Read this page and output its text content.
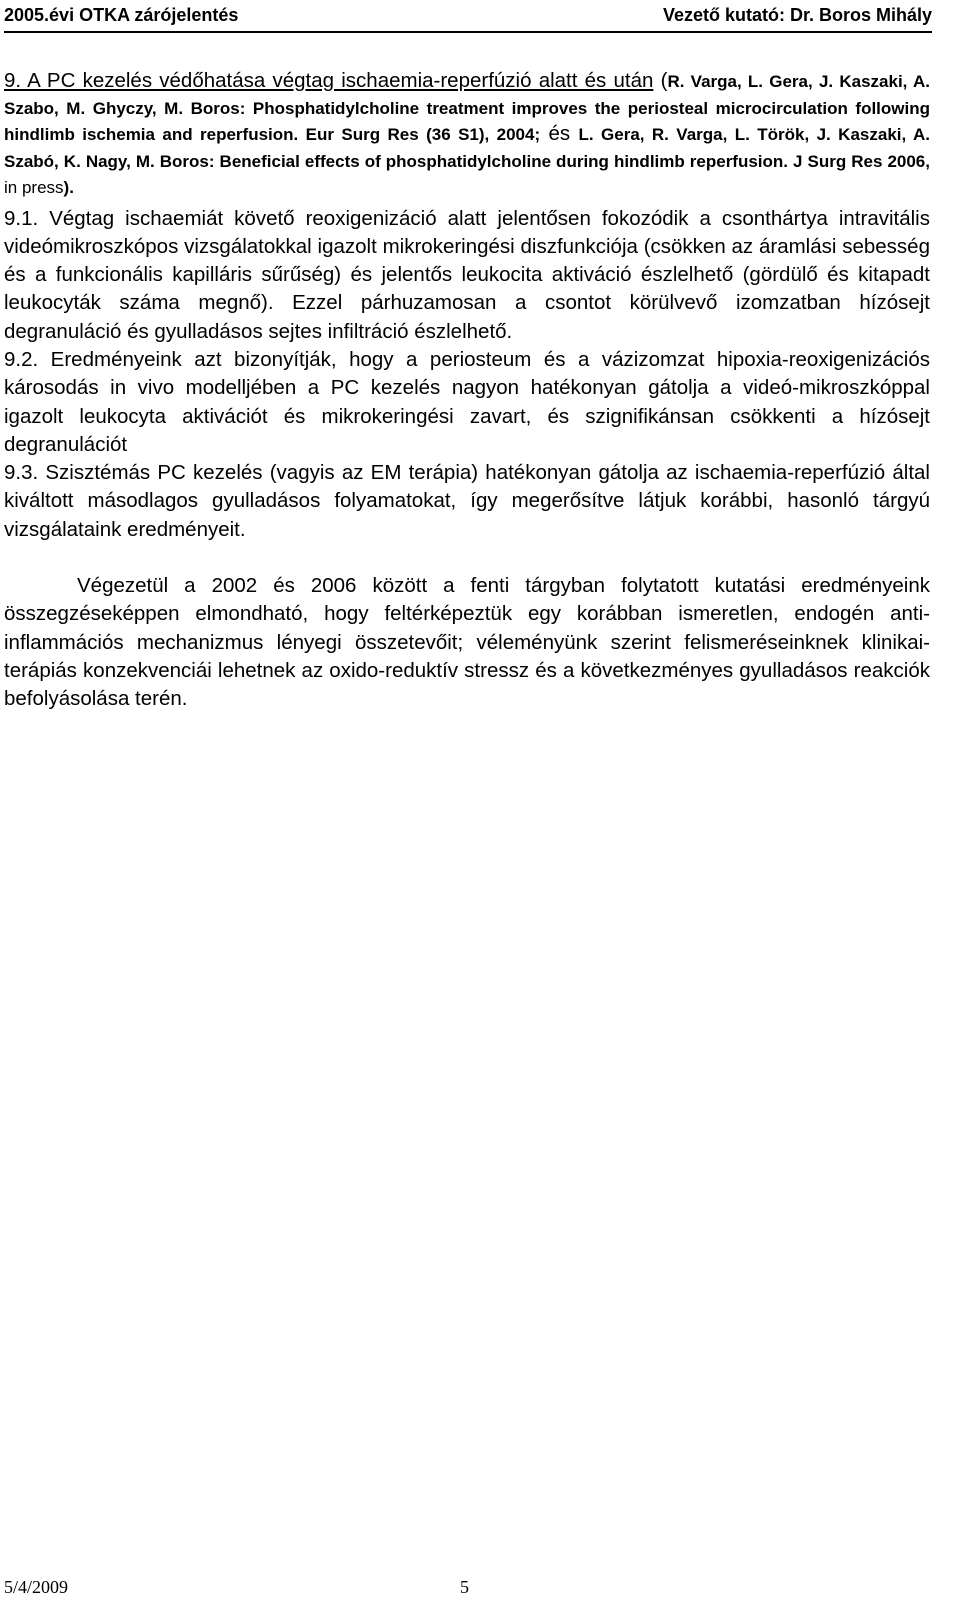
2005.évi OTKA zárójelentés	Vezető kutató: Dr. Boros Mihály
9. A PC kezelés védőhatása végtag ischaemia-reperfúzió alatt és után (R. Varga, L. Gera, J. Kaszaki, A. Szabo, M. Ghyczy, M. Boros: Phosphatidylcholine treatment improves the periosteal microcirculation following hindlimb ischemia and reperfusion. Eur Surg Res (36 S1), 2004; és L. Gera, R. Varga, L. Török, J. Kaszaki, A. Szabó, K. Nagy, M. Boros: Beneficial effects of phosphatidylcholine during hindlimb reperfusion. J Surg Res 2006, in press).

9.1. Végtag ischaemiát követő reoxigenizáció alatt jelentősen fokozódik a csonthártya intravitális videómikroszkópos vizsgálatokkal igazolt mikrokeringési diszfunkciója (csökken az áramlási sebesség és a funkcionális kapilláris sűrűség) és jelentős leukocita aktiváció észlelhető (gördülő és kitapadt leukocyták száma megnő). Ezzel párhuzamosan a csontot körülvevő izomzatban hízósejt degranuláció és gyulladásos sejtes infiltráció észlelhető.

9.2. Eredményeink azt bizonyítják, hogy a periosteum és a vázizomzat hipoxia-reoxigenizációs károsodás in vivo modelljében a PC kezelés nagyon hatékonyan gátolja a videó-mikroszkóppal igazolt leukocyta aktivációt és mikrokeringési zavart, és szignifikánsan csökkenti a hízósejt degranulációt

9.3. Szisztémás PC kezelés (vagyis az EM terápia) hatékonyan gátolja az ischaemia-reperfúzió által kiváltott másodlagos gyulladásos folyamatokat, így megerősítve látjuk korábbi, hasonló tárgyú vizsgálataink eredményeit.

Végezetül a 2002 és 2006 között a fenti tárgyban folytatott kutatási eredményeink összegzéseképpen elmondható, hogy feltérképeztük egy korábban ismeretlen, endogén anti-inflammációs mechanizmus lényegi összetevőit; véleményünk szerint felismeréseinknek klinikai-terápiás konzekvenciái lehetnek az oxido-reduktív stressz és a következményes gyulladásos reakciók befolyásolása terén.

5/4/2009	5
